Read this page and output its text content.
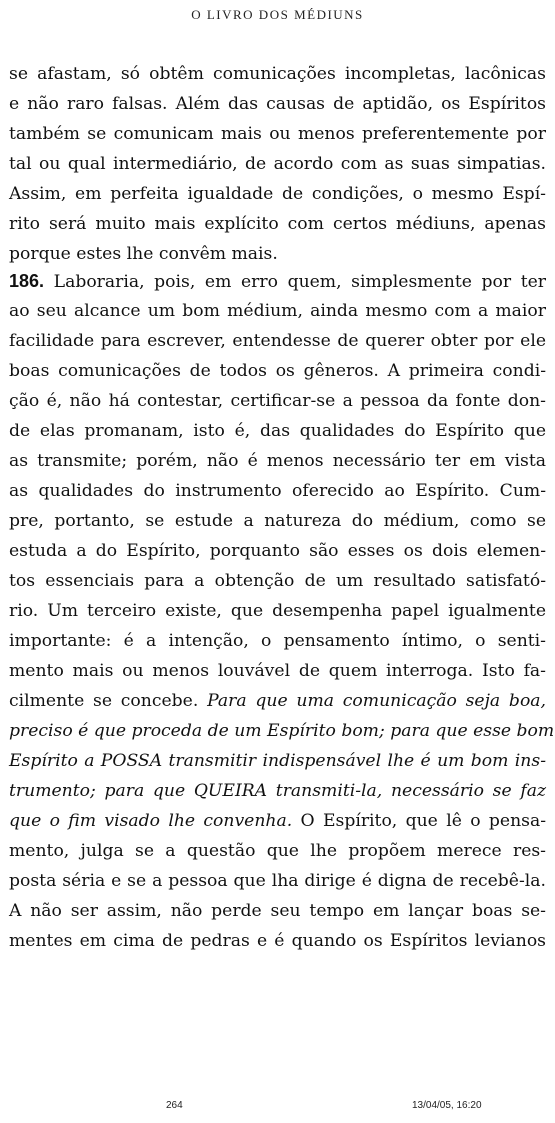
O LIVRO DOS MÉDIUNS
se afastam, só obtêm comunicações incompletas, lacônicas
e não raro falsas. Além das causas de aptidão, os Espíritos
também se comunicam mais ou menos preferentemente por
tal ou qual intermediário, de acordo com as suas simpatias.
Assim, em perfeita igualdade de condições, o mesmo Espí-
rito será muito mais explícito com certos médiuns, apenas
porque estes lhe convêm mais.
186. Laboraria, pois, em erro quem, simplesmente por ter
ao seu alcance um bom médium, ainda mesmo com a maior
facilidade para escrever, entendesse de querer obter por ele
boas comunicações de todos os gêneros. A primeira condi-
ção é, não há contestar, certificar-se a pessoa da fonte don-
de elas promanam, isto é, das qualidades do Espírito que
as transmite; porém, não é menos necessário ter em vista
as qualidades do instrumento oferecido ao Espírito. Cum-
pre, portanto, se estude a natureza do médium, como se
estuda a do Espírito, porquanto são esses os dois elemen-
tos essenciais para a obtenção de um resultado satisfató-
rio. Um terceiro existe, que desempenha papel igualmente
importante: é a intenção, o pensamento íntimo, o senti-
mento mais ou menos louvável de quem interroga. Isto fa-
cilmente se concebe. Para que uma comunicação seja boa,
preciso é que proceda de um Espírito bom; para que esse bom
Espírito a POSSA transmitir indispensável lhe é um bom ins-
trumento; para que QUEIRA transmiti-la, necessário se faz
que o fim visado lhe convenha. O Espírito, que lê o pensa-
mento, julga se a questão que lhe propõem merece res-
posta séria e se a pessoa que lha dirige é digna de recebê-la.
A não ser assim, não perde seu tempo em lançar boas se-
mentes em cima de pedras e é quando os Espíritos levianos
264	13/04/05, 16:20
